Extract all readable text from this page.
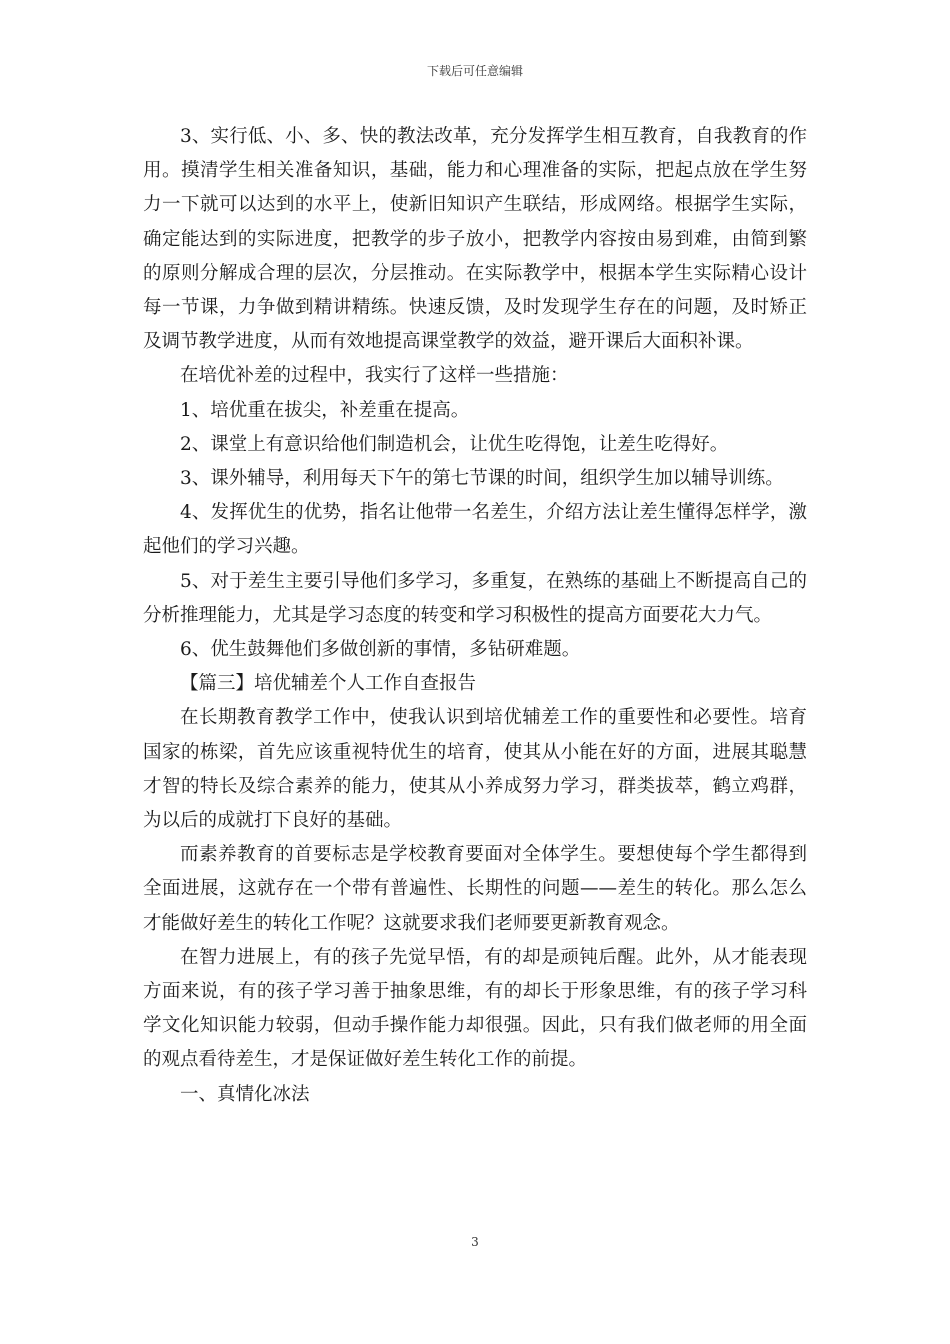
下载后可任意编辑

3、实行低、小、多、快的教法改革，充分发挥学生相互教育，自我教育的作用。摸清学生相关准备知识，基础，能力和心理准备的实际，把起点放在学生努力一下就可以达到的水平上，使新旧知识产生联结，形成网络。根据学生实际，确定能达到的实际进度，把教学的步子放小，把教学内容按由易到难，由简到繁的原则分解成合理的层次，分层推动。在实际教学中，根据本学生实际精心设计每一节课，力争做到精讲精练。快速反馈，及时发现学生存在的问题，及时矫正及调节教学进度，从而有效地提高课堂教学的效益，避开课后大面积补课。

在培优补差的过程中，我实行了这样一些措施：

1、培优重在拔尖，补差重在提高。

2、课堂上有意识给他们制造机会，让优生吃得饱，让差生吃得好。

3、课外辅导，利用每天下午的第七节课的时间，组织学生加以辅导训练。

4、发挥优生的优势，指名让他带一名差生，介绍方法让差生懂得怎样学，激起他们的学习兴趣。

5、对于差生主要引导他们多学习，多重复，在熟练的基础上不断提高自己的分析推理能力，尤其是学习态度的转变和学习积极性的提高方面要花大力气。

6、优生鼓舞他们多做创新的事情，多钻研难题。

【篇三】培优辅差个人工作自查报告

在长期教育教学工作中，使我认识到培优辅差工作的重要性和必要性。培育国家的栋梁，首先应该重视特优生的培育，使其从小能在好的方面，进展其聪慧才智的特长及综合素养的能力，使其从小养成努力学习，群类拔萃，鹤立鸡群，为以后的成就打下良好的基础。

而素养教育的首要标志是学校教育要面对全体学生。要想使每个学生都得到全面进展，这就存在一个带有普遍性、长期性的问题——差生的转化。那么怎么才能做好差生的转化工作呢？这就要求我们老师要更新教育观念。

在智力进展上，有的孩子先觉早悟，有的却是顽钝后醒。此外，从才能表现方面来说，有的孩子学习善于抽象思维，有的却长于形象思维，有的孩子学习科学文化知识能力较弱，但动手操作能力却很强。因此，只有我们做老师的用全面的观点看待差生，才是保证做好差生转化工作的前提。

一、真情化冰法

3
